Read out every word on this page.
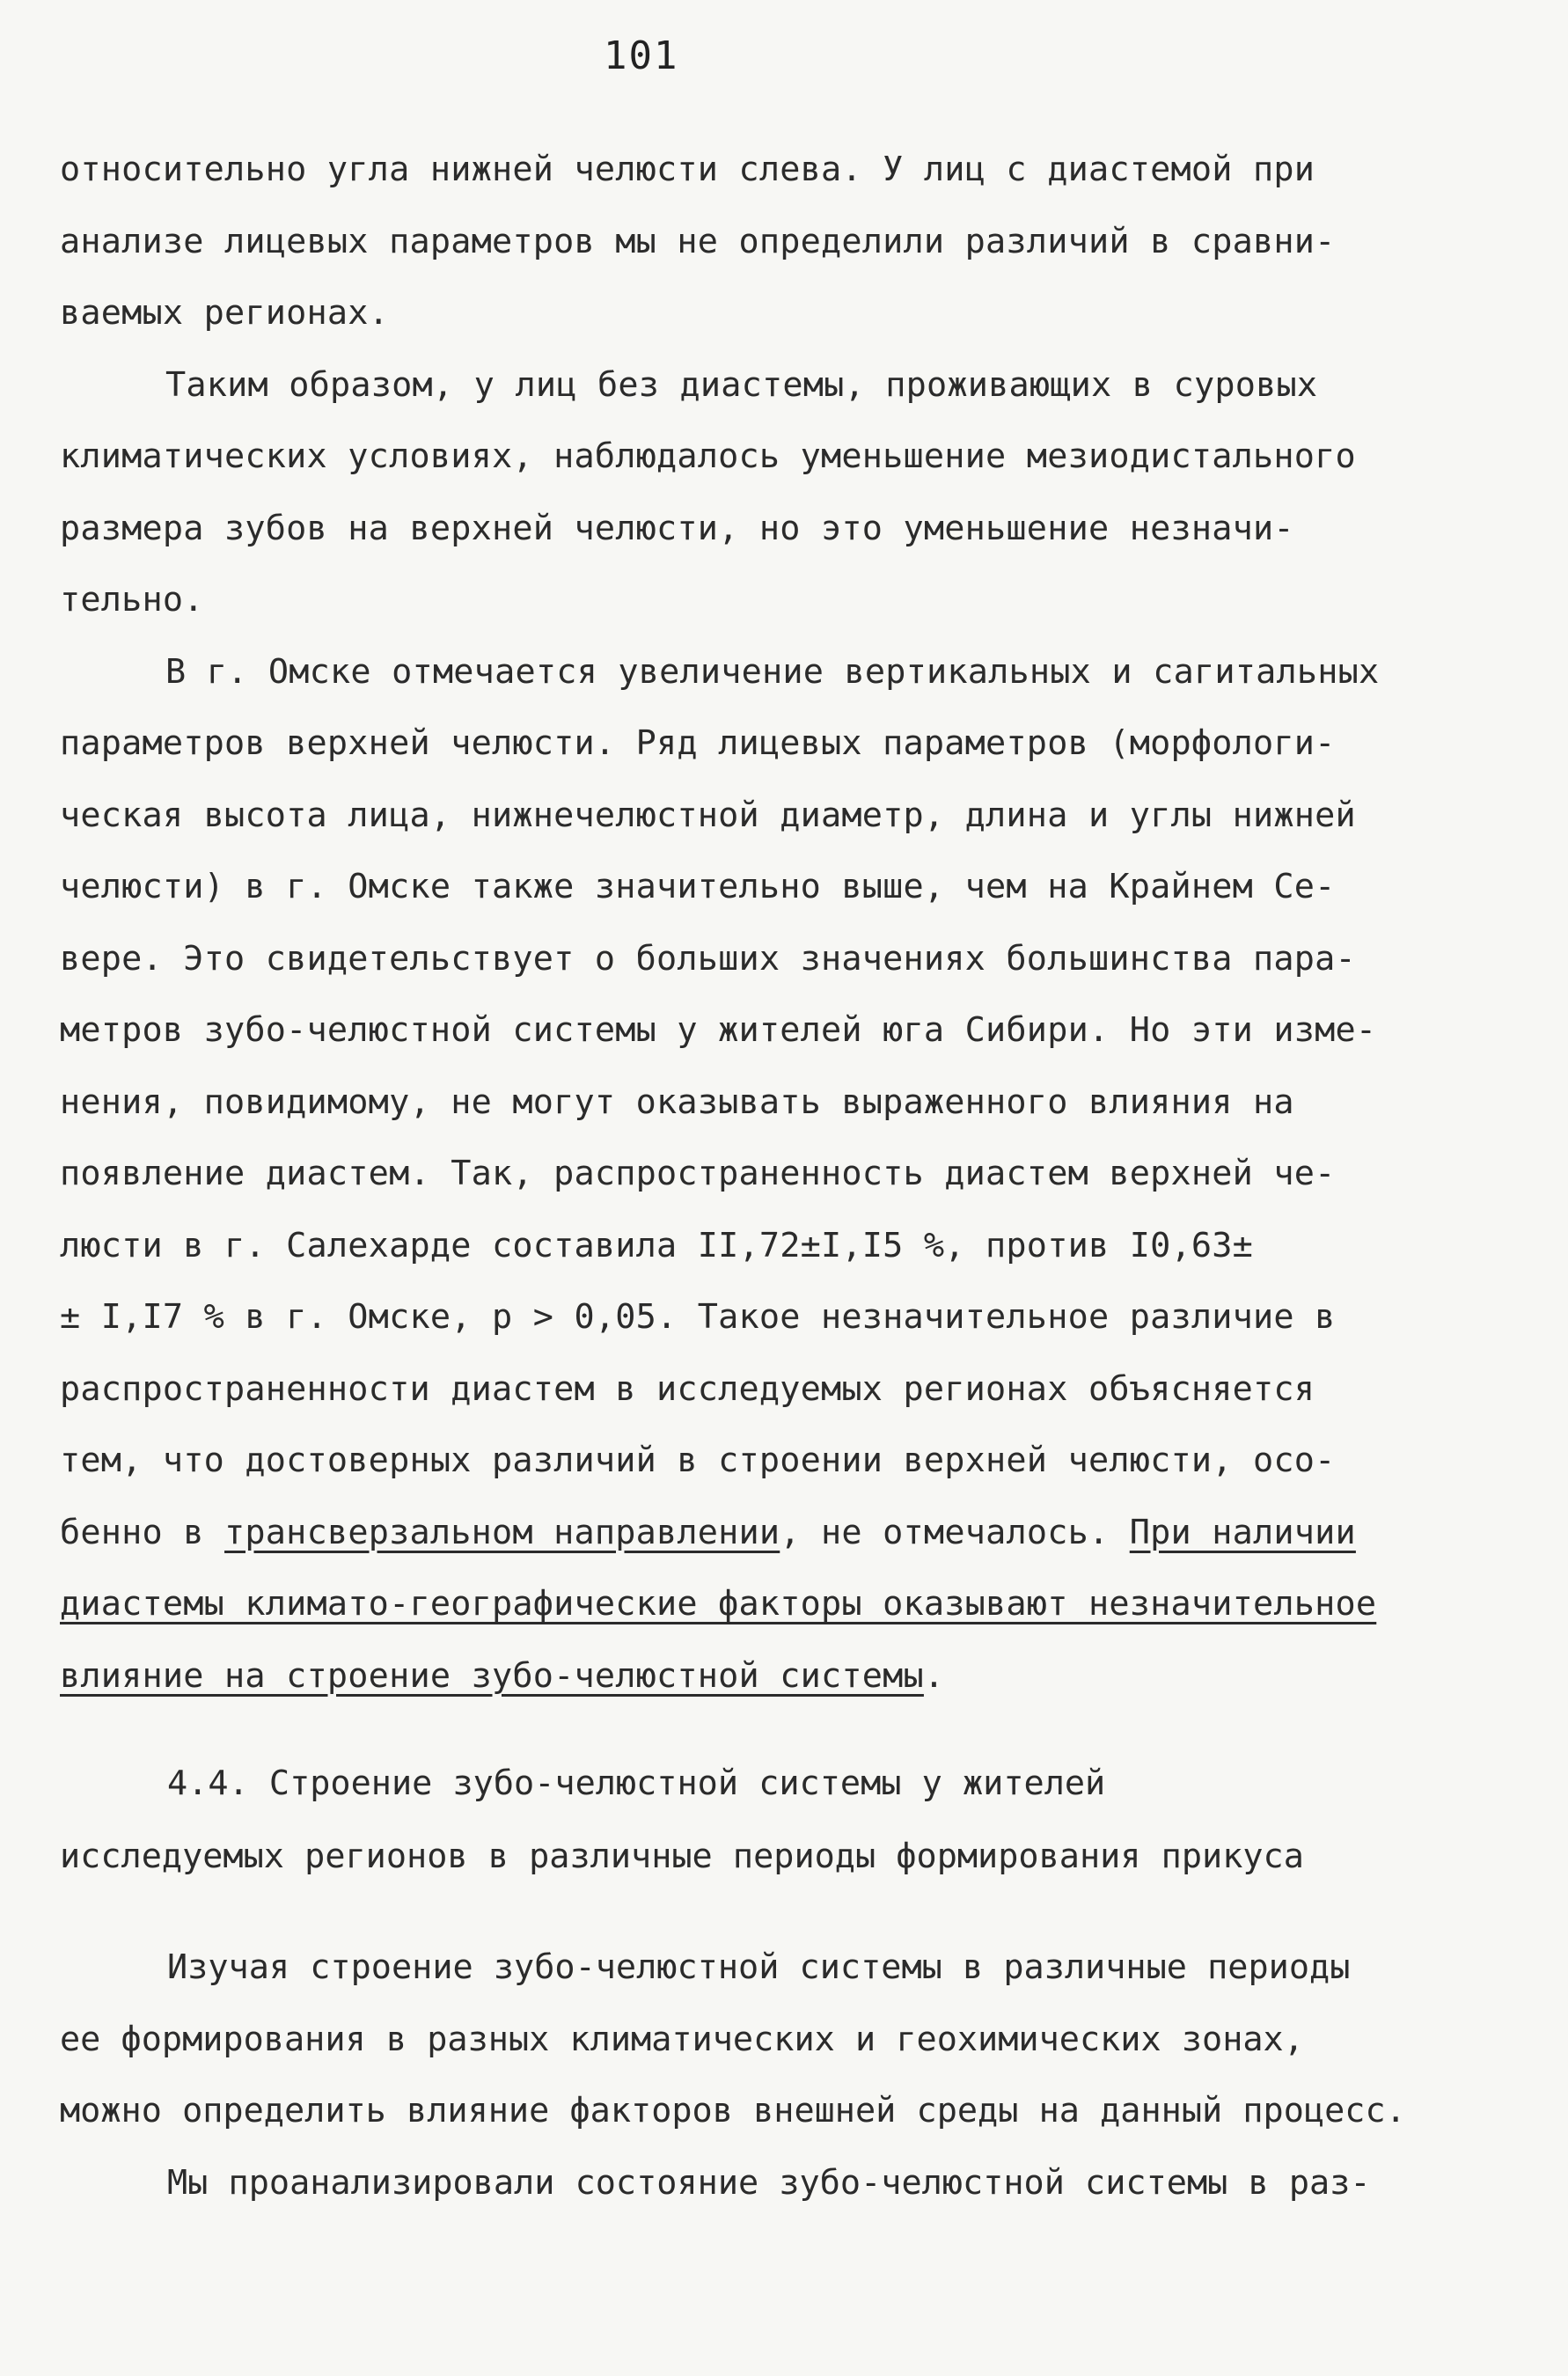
101
относительно угла нижней челюсти слева. У лиц с диастемой при
анализе лицевых параметров мы не определили различий в сравни-
ваемых регионах.
Таким образом, у лиц без диастемы, проживающих в суровых
климатических условиях, наблюдалось уменьшение мезиодистального
размера зубов на верхней челюсти, но это уменьшение незначи-
тельно.
В г. Омске отмечается увеличение вертикальных и сагитальных
параметров верхней челюсти. Ряд лицевых параметров (морфологи-
ческая высота лица, нижнечелюстной диаметр, длина и углы нижней
челюсти) в г. Омске также значительно выше, чем на Крайнем Се-
вере. Это свидетельствует о больших значениях большинства пара-
метров зубо-челюстной системы у жителей юга Сибири. Но эти изме-
нения, повидимому, не могут оказывать выраженного влияния на
появление диастем. Так, распространенность диастем верхней че-
люсти в г. Салехарде составила II,72±I,I5 %, против I0,63±
± I,I7 % в г. Омске, р > 0,05. Такое незначительное различие в
распространенности диастем в исследуемых регионах объясняется
тем, что достоверных различий в строении верхней челюсти, осо-
бенно в трансверзальном направлении, не отмечалось. При наличии
диастемы климато-географические факторы оказывают незначительное
влияние на строение зубо-челюстной системы.
4.4. Строение зубо-челюстной системы у жителей
исследуемых регионов в различные периоды формирования прикуса
Изучая строение зубо-челюстной системы в различные периоды
ее формирования в разных климатических и геохимических зонах,
можно определить влияние факторов внешней среды на данный процесс.
Мы проанализировали состояние зубо-челюстной системы в раз-
